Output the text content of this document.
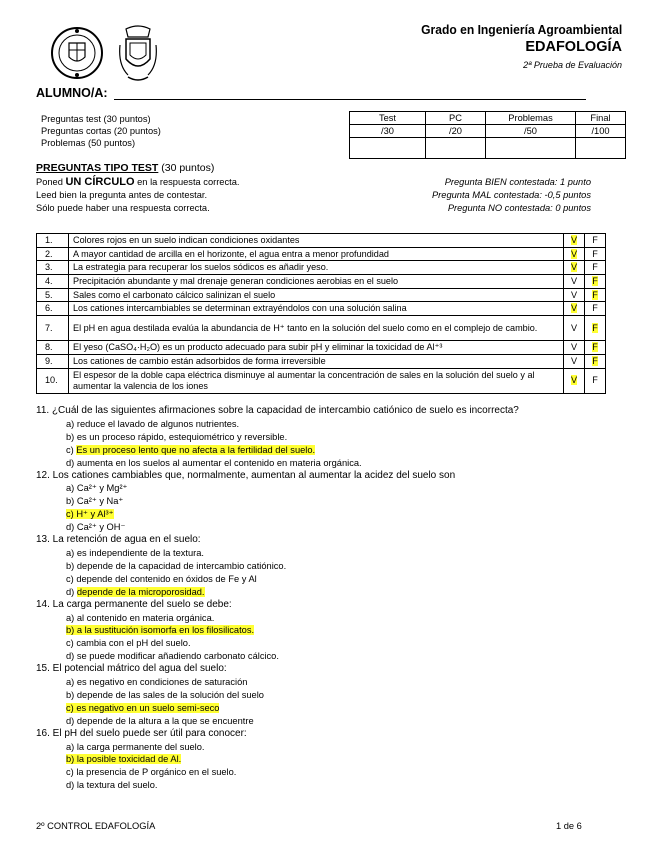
Grado en Ingeniería Agroambiental
EDAFOLOGÍA
2ª Prueba de Evaluación
ALUMNO/A:
Preguntas test (30 puntos)
Preguntas cortas (20 puntos)
Problemas (50 puntos)
Test	PC	Problemas	Final
/30	/20	/50	/100

PREGUNTAS TIPO TEST (30 puntos)
Poned UN CÍRCULO en la respuesta correcta.
Leed bien la pregunta antes de contestar.
Sólo puede haber una respuesta correcta.
Pregunta BIEN contestada: 1 punto
Pregunta MAL contestada: -0,5 puntos
Pregunta NO contestada: 0 puntos
1.	Colores rojos en un suelo indican condiciones oxidantes	V	F
2.	A mayor cantidad de arcilla en el horizonte, el agua entra a menor profundidad	V	F
3.	La estrategia para recuperar los suelos sódicos es añadir yeso.	V	F
4.	Precipitación abundante y mal drenaje generan condiciones aerobias en el suelo	V	F
5.	Sales como el carbonato cálcico salinizan el suelo	V	F
6.	Los cationes intercambiables se determinan extrayéndolos con una solución salina	V	F
7.	El pH en agua destilada evalúa la abundancia de H⁺ tanto en la solución del suelo como en el complejo de cambio.	V	F
8.	El yeso (CaSO₄·H₂O) es un producto adecuado para subir pH y eliminar la toxicidad de Al⁺³	V	F
9.	Los cationes de cambio están adsorbidos de forma irreversible	V	F
10.	El espesor de la doble capa eléctrica disminuye al aumentar la concentración de sales en la solución del suelo y al aumentar la valencia de los iones	V	F
11. ¿Cuál de las siguientes afirmaciones sobre la capacidad de intercambio catiónico de suelo es incorrecta?
a) reduce el lavado de algunos nutrientes.
b) es un proceso rápido, estequiométrico y reversible.
c) Es un proceso lento que no afecta a la fertilidad del suelo.
d) aumenta en los suelos al aumentar el contenido en materia orgánica.
12. Los cationes cambiables que, normalmente, aumentan al aumentar la acidez del suelo son
a) Ca²⁺ y Mg²⁺
b) Ca²⁺ y Na⁺
c) H⁺ y Al³⁺
d) Ca²⁺ y OH⁻
13. La retención de agua en el suelo:
a) es independiente de la textura.
b) depende de la capacidad de intercambio catiónico.
c) depende del contenido en óxidos de Fe y Al
d) depende de la microporosidad.
14. La carga permanente del suelo se debe:
a) al contenido en materia orgánica.
b) a la sustitución isomorfa en los filosilicatos.
c) cambia con el pH del suelo.
d) se puede modificar añadiendo carbonato cálcico.
15. El potencial mátrico del agua del suelo:
a) es negativo en condiciones de saturación
b) depende de las sales de la solución del suelo
c) es negativo en un suelo semi-seco
d) depende de la altura a la que se encuentre
16. El pH del suelo puede ser útil para conocer:
a) la carga permanente del suelo.
b) la posible toxicidad de Al.
c) la presencia de P orgánico en el suelo.
d) la textura del suelo.
2º CONTROL EDAFOLOGÍA	1 de 6
